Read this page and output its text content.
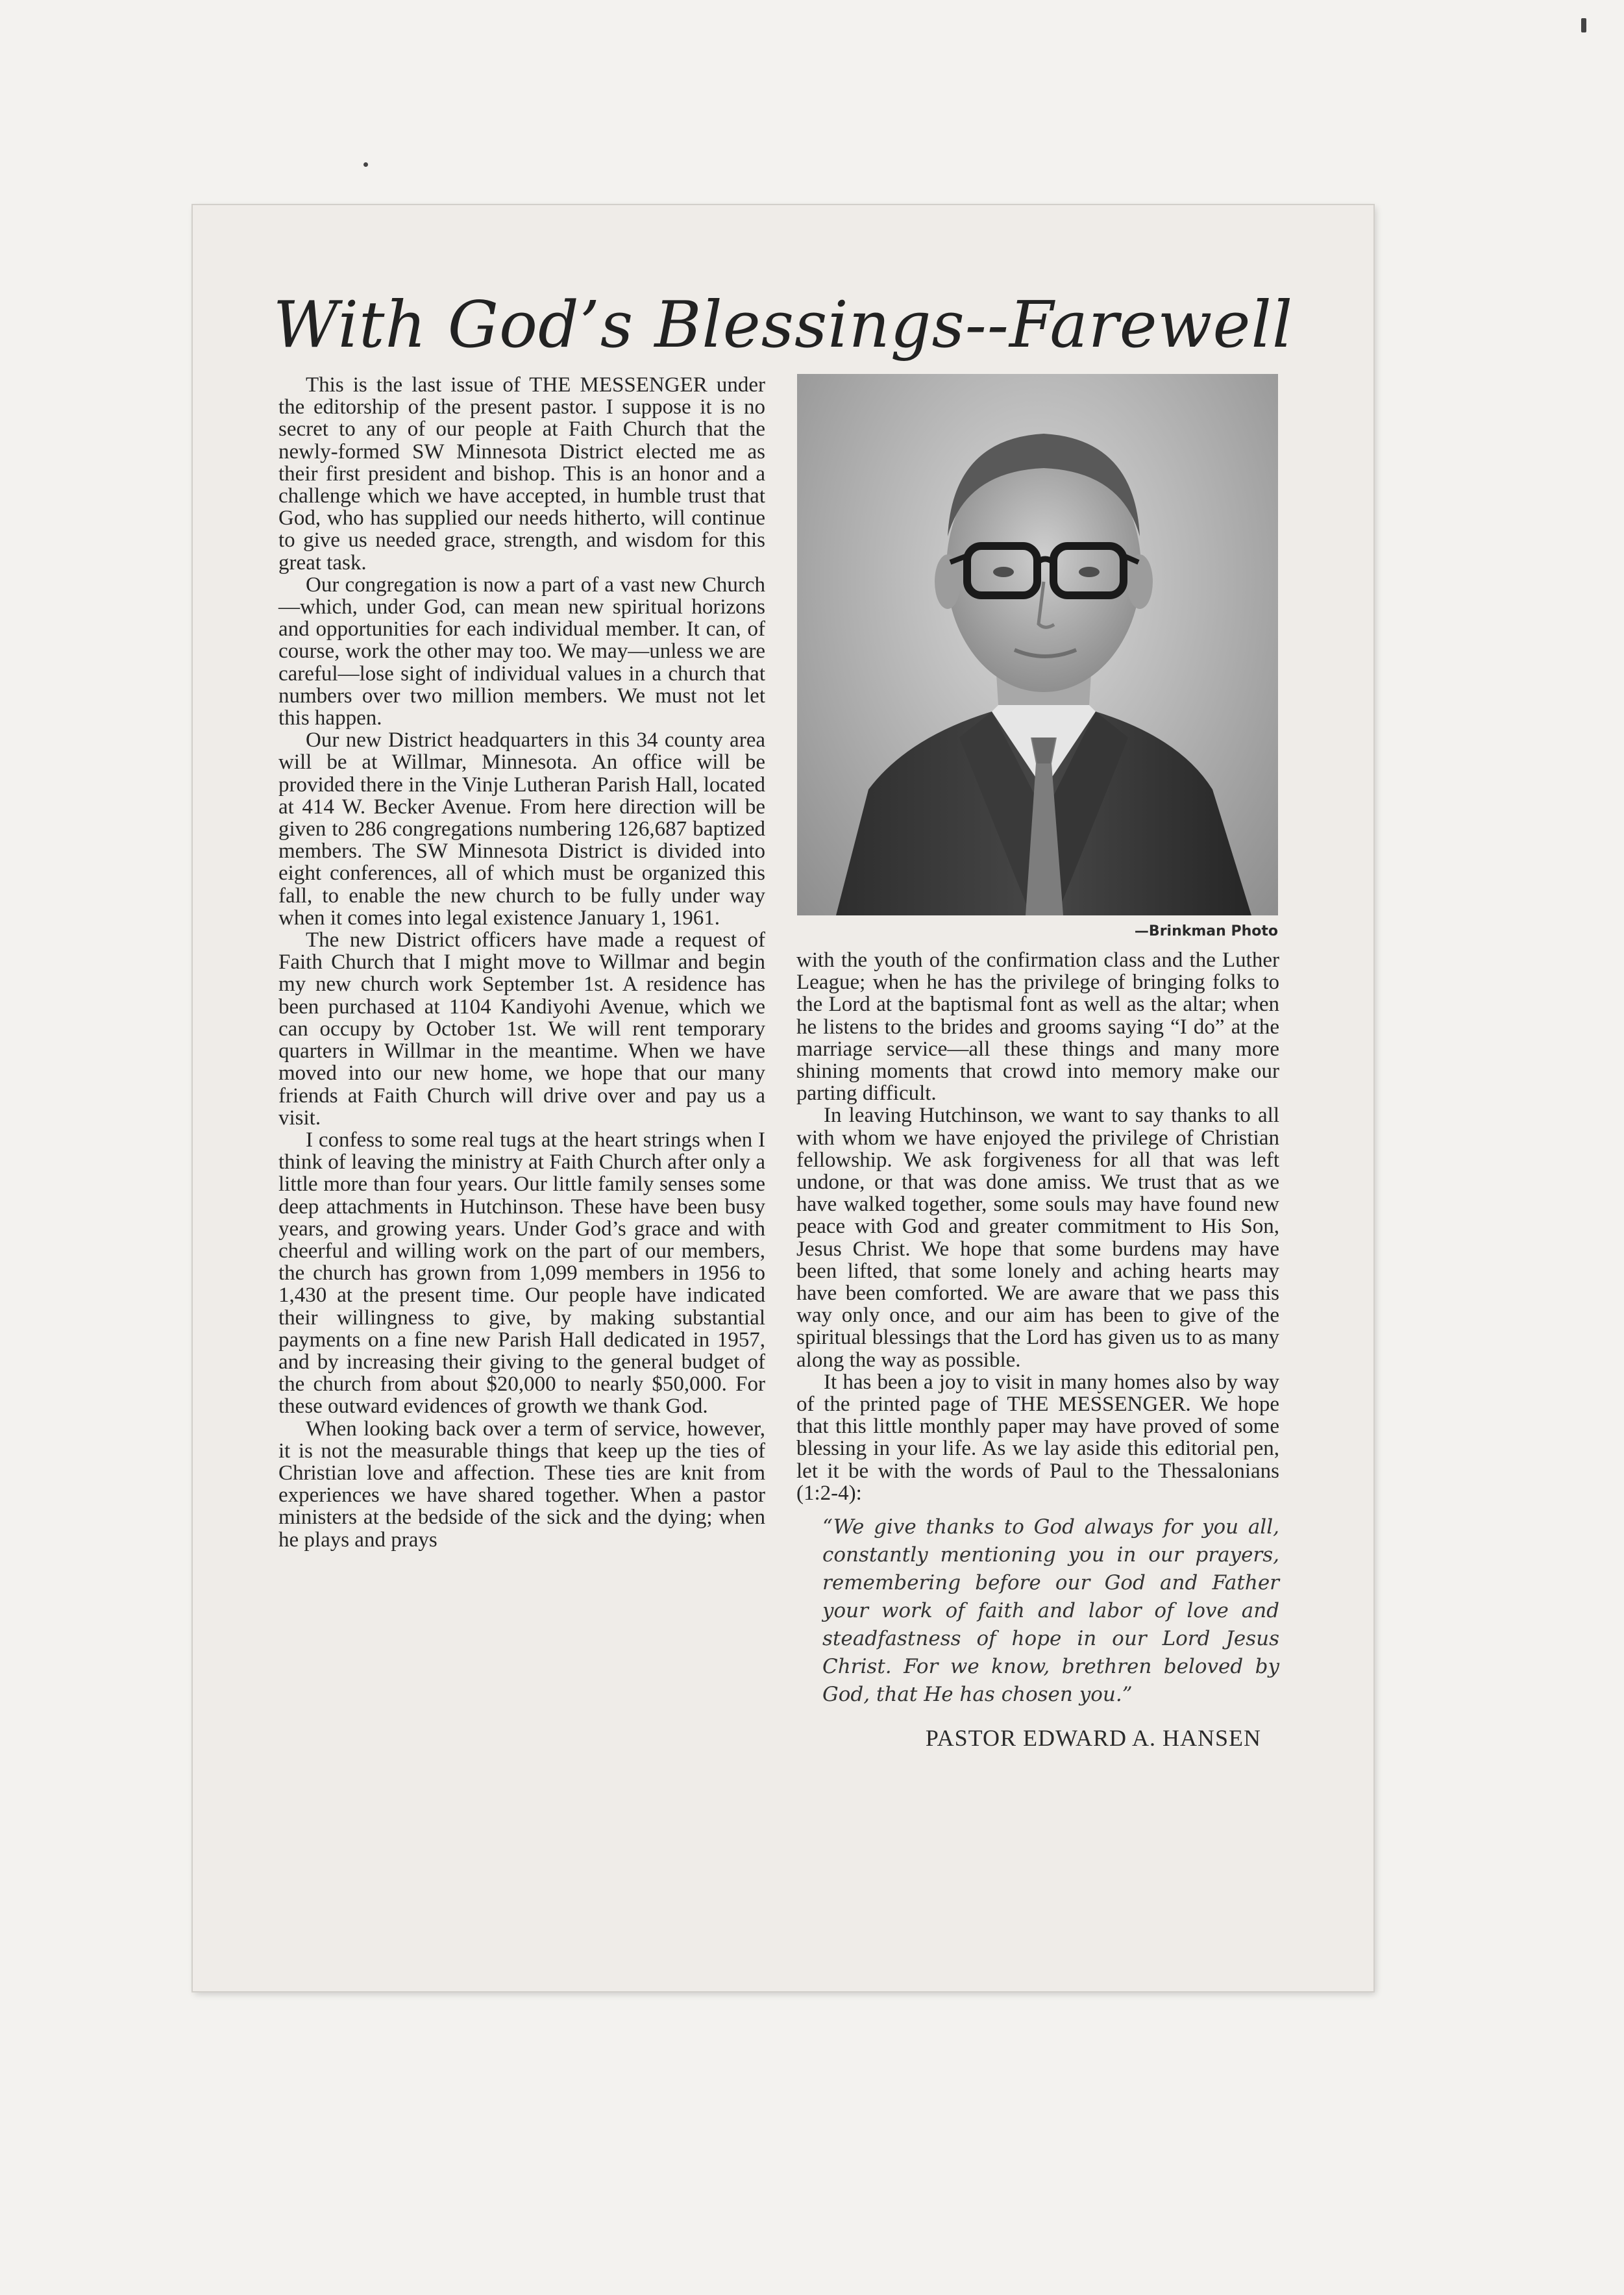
With God’s Blessings--Farewell

This is the last issue of THE MESSENGER under the editorship of the present pastor. I suppose it is no secret to any of our people at Faith Church that the newly-formed SW Minnesota District elected me as their first president and bishop. This is an honor and a challenge which we have accepted, in humble trust that God, who has supplied our needs hitherto, will continue to give us needed grace, strength, and wisdom for this great task.

Our congregation is now a part of a vast new Church—which, under God, can mean new spiritual horizons and opportunities for each individual member. It can, of course, work the other may too. We may—unless we are careful—lose sight of individual values in a church that numbers over two million members. We must not let this happen.

Our new District headquarters in this 34 county area will be at Willmar, Minnesota. An office will be provided there in the Vinje Lutheran Parish Hall, located at 414 W. Becker Avenue. From here direction will be given to 286 congregations numbering 126,687 baptized members. The SW Minnesota District is divided into eight conferences, all of which must be organized this fall, to enable the new church to be fully under way when it comes into legal existence January 1, 1961.

The new District officers have made a request of Faith Church that I might move to Willmar and begin my new church work September 1st. A residence has been purchased at 1104 Kandiyohi Avenue, which we can occupy by October 1st. We will rent temporary quarters in Willmar in the meantime. When we have moved into our new home, we hope that our many friends at Faith Church will drive over and pay us a visit.

I confess to some real tugs at the heart strings when I think of leaving the ministry at Faith Church after only a little more than four years. Our little family senses some deep attachments in Hutchinson. These have been busy years, and growing years. Under God’s grace and with cheerful and willing work on the part of our members, the church has grown from 1,099 members in 1956 to 1,430 at the present time. Our people have indicated their willingness to give, by making substantial payments on a fine new Parish Hall dedicated in 1957, and by increasing their giving to the general budget of the church from about $20,000 to nearly $50,000. For these outward evidences of growth we thank God.

When looking back over a term of service, however, it is not the measurable things that keep up the ties of Christian love and affection. These ties are knit from experiences we have shared together. When a pastor ministers at the bedside of the sick and the dying; when he plays and prays

—Brinkman Photo

with the youth of the confirmation class and the Luther League; when he has the privilege of bringing folks to the Lord at the baptismal font as well as the altar; when he listens to the brides and grooms saying “I do” at the marriage service—all these things and many more shining moments that crowd into memory make our parting difficult.

In leaving Hutchinson, we want to say thanks to all with whom we have enjoyed the privilege of Christian fellowship. We ask forgiveness for all that was left undone, or that was done amiss. We trust that as we have walked together, some souls may have found new peace with God and greater commitment to His Son, Jesus Christ. We hope that some burdens may have been lifted, that some lonely and aching hearts may have been comforted. We are aware that we pass this way only once, and our aim has been to give of the spiritual blessings that the Lord has given us to as many along the way as possible.

It has been a joy to visit in many homes also by way of the printed page of THE MESSENGER. We hope that this little monthly paper may have proved of some blessing in your life. As we lay aside this editorial pen, let it be with the words of Paul to the Thessalonians (1:2-4):

“We give thanks to God always for you all, constantly mentioning you in our prayers, remembering before our God and Father your work of faith and labor of love and steadfastness of hope in our Lord Jesus Christ. For we know, brethren beloved by God, that He has chosen you.”
PASTOR EDWARD A. HANSEN
